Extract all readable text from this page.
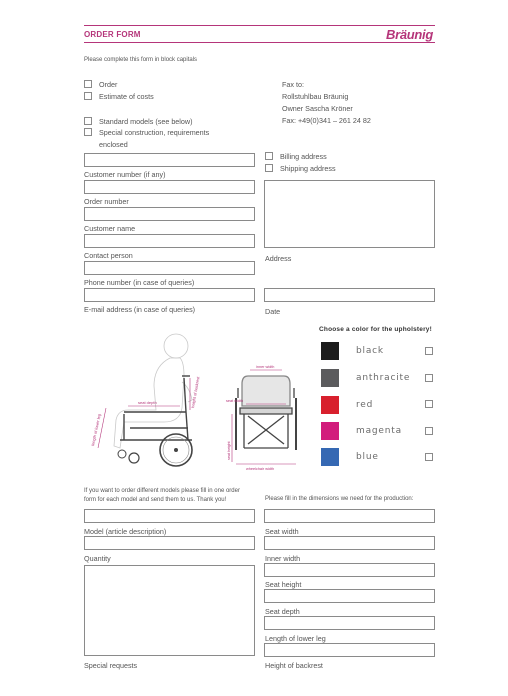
ORDER FORM	Bräunig
Please complete this form in block capitals
Order
Estimate of costs
Standard models (see below)
Special construction, requirements
enclosed
Fax to:
Rollstuhlbau Bräunig
Owner Sascha Kröner
Fax: +49(0)341 – 261 24 82
Customer number (if any)
Order number
Customer name
Contact person
Phone number (in case of queries)
E-mail address (in case of queries)
Billing address
Shipping address
Address
Date
seat depth	height of backrest
length of lower leg
inner width
seat width
seat height
wheelchair width
Choose a color for the upholstery!
black
anthracite
red
magenta
blue
If you want to order different models please fill in one order
form for each model and send them to us. Thank you!
Model (article description)
Quantity
Special requests
Please fill in the dimensions we need for the production:
Seat width
Inner width
Seat height
Seat depth
Length of lower leg
Height of backrest
